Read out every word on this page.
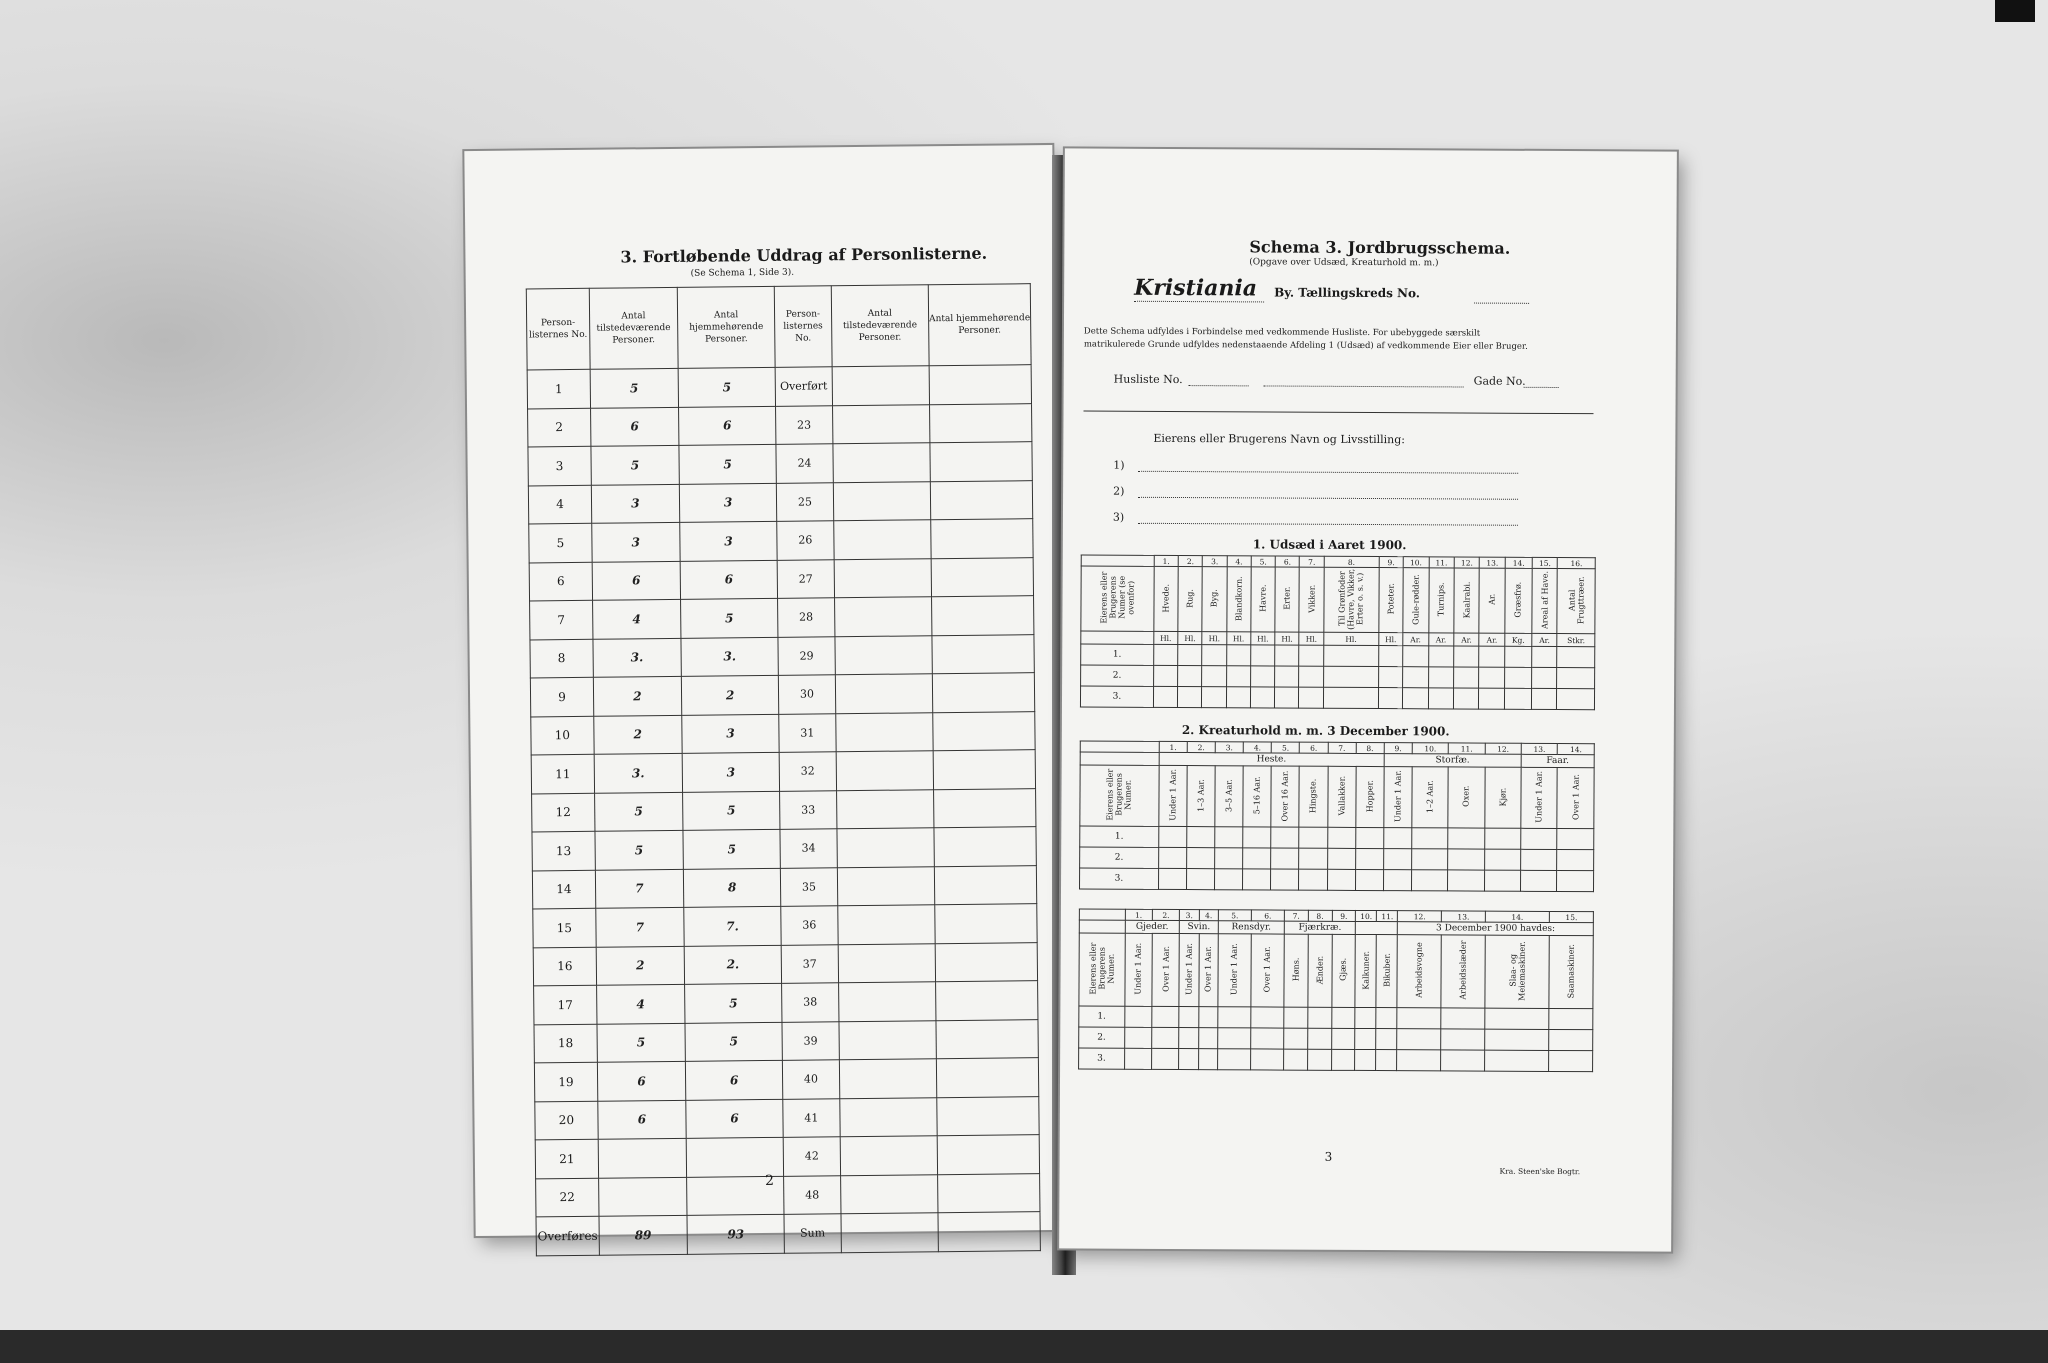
3. Fortløbende Uddrag af Personlisterne.
(Se Schema 1, Side 3).
Person-listernes No.	Antal tilstedeværende Personer.	Antal hjemmehørende Personer.	Person-listernes No.	Antal tilstedeværende Personer.	Antal hjemmehørende Personer.
1	5	5	Overført		
2	6	6	23		
3	5	5	24		
4	3	3	25		
5	3	3	26		
6	6	6	27		
7	4	5	28		
8	3.	3.	29		
9	2	2	30		
10	2	3	31		
11	3.	3	32		
12	5	5	33		
13	5	5	34		
14	7	8	35		
15	7	7.	36		
16	2	2.	37		
17	4	5	38		
18	5	5	39		
19	6	6	40		
20	6	6	41		
21			42		
22			48		
Overføres	89	93	Sum		
2
Schema 3. Jordbrugsschema.
(Opgave over Udsæd, Kreaturhold m. m.)
Kristiania By. Tællingskreds No.
Dette Schema udfyldes i Forbindelse med vedkommende Husliste. For ubebyggede særskilt
matrikulerede Grunde udfyldes nedenstaaende Afdeling 1 (Udsæd) af vedkommende Eier eller Bruger.
Husliste No.	Gade No.
Eierens eller Brugerens Navn og Livsstilling:
1)
2)
3)
1. Udsæd i Aaret 1900.
	1.	2.	3.	4.	5.	6.	7.	8.	9.	10.	11.	12.	13.	14.	15.	16.
Eierens eller Brugerens Numer (se ovenfor)	Hvede.	Rug.	Byg.	Blandkorn.	Havre.	Erter.	Vikker.	Til Grønfoder (Havre, Vikker, Erter o. s. v.)	Poteter.	Gule-rødder.	Turnips.	Kaalrabi.	Ar.	Græsfrø.	Areal af Have.	Antal Frugttræer.
	Hl.	Hl.	Hl.	Hl.	Hl.	Hl.	Hl.	Hl.	Hl.	Ar.	Ar.	Ar.	Ar.	Kg.	Ar.	Stkr.
1.																
2.																
3.																
2. Kreaturhold m. m. 3 December 1900.
	1.	2.	3.	4.	5.	6.	7.	8.	9.	10.	11.	12.	13.	14.
	Heste.								Storfæ.				Faar.	
Eierens eller Brugerens Numer.	Under 1 Aar.	1–3 Aar.	3–5 Aar.	5–16 Aar.	Over 16 Aar.	Hingste.	Vallakker.	Hopper.	Under 1 Aar.	1–2 Aar.	Oxer.	Kjør.	Under 1 Aar.	Over 1 Aar.
1.														
2.														
3.														
	1.	2.	3.	4.	5.	6.	7.	8.	9.	10.	11.	12.	13.	14.	15.
	Gjeder.		Svin.		Rensdyr.		Fjærkræ.					3 December 1900 havdes:			
Eierens eller Brugerens Numer.	Under 1 Aar.	Over 1 Aar.	Under 1 Aar.	Over 1 Aar.	Under 1 Aar.	Over 1 Aar.	Høns.	Ænder.	Gjæs.	Kalkuner.	Bikuber.	Arbeidsvogne	Arbeidsslæder	Slaa- og Meiemaskiner.	Saamaskiner.
1.															
2.															
3.															
3
Kra. Steen'ske Bogtr.
